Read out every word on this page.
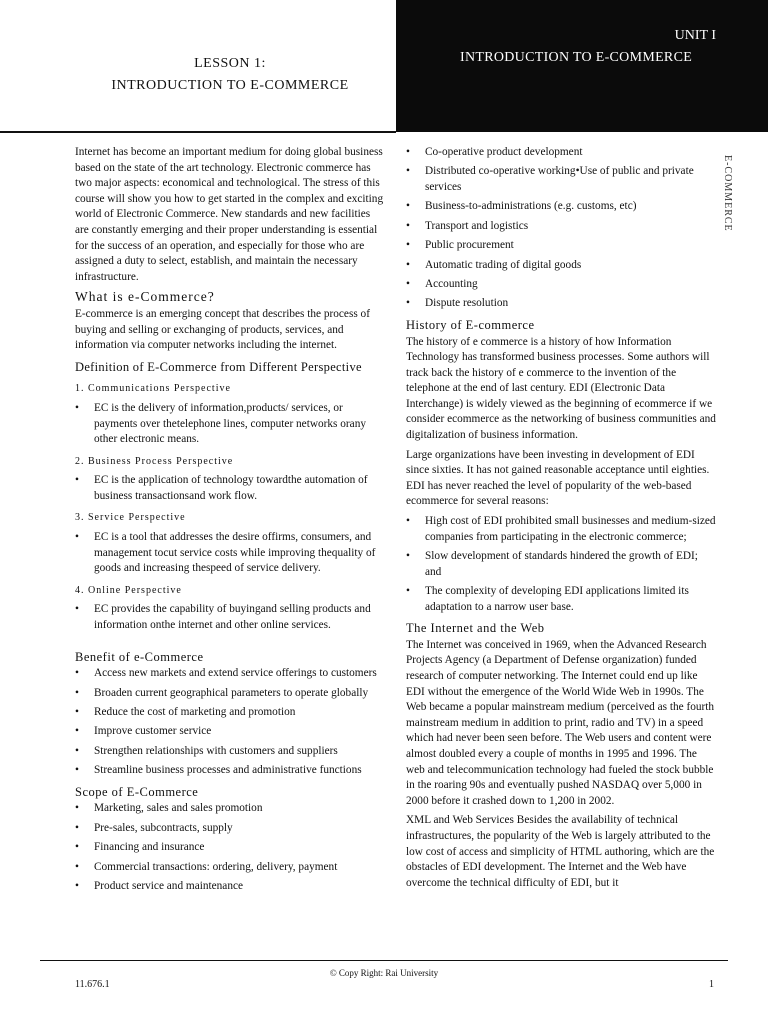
LESSON 1:
INTRODUCTION TO E-COMMERCE
UNIT I
INTRODUCTION TO E-COMMERCE

Internet has become an important medium for doing global business based on the state of the art technology. Electronic commerce has two major aspects: economical and technological. The stress of this course will show you how to get started in the complex and exciting world of Electronic Commerce. New standards and new facilities are constantly emerging and their proper understanding is essential for the success of an operation, and especially for those who are assigned a duty to select, establish, and maintain the necessary infrastructure.

What is e-Commerce?

E-commerce is an emerging concept that describes the process of buying and selling or exchanging of products, services, and information via computer networks including the internet.

Definition of E-Commerce from Different Perspective
1. Communications Perspective
• EC is the delivery of information,products/ services, or payments over thetelephone lines, computer networks orany other electronic means.
2. Business Process Perspective
• EC is the application of technology towardthe automation of business transactionsand work flow.
3. Service Perspective
• EC is a tool that addresses the desire offirms, consumers, and management tocut service costs while improving thequality of goods and increasing thespeed of service delivery.
4. Online Perspective
• EC provides the capability of buyingand selling products and information onthe internet and other online services.
Benefit of e-Commerce
• Access new markets and extend service offerings to customers
• Broaden current geographical parameters to operate globally
• Reduce the cost of marketing and promotion
• Improve customer service
• Strengthen relationships with customers and suppliers
• Streamline business processes and administrative functions
Scope of E-Commerce
• Marketing, sales and sales promotion
• Pre-sales, subcontracts, supply
• Financing and insurance
• Commercial transactions: ordering, delivery, payment
• Product service and maintenance
• Co-operative product development
• Distributed co-operative working•Use of public and private services
• Business-to-administrations (e.g. customs, etc)
• Transport and logistics
• Public procurement
• Automatic trading of digital goods
• Accounting
• Dispute resolution
History of E-commerce

The history of e commerce is a history of how Information Technology has transformed business processes. Some authors will track back the history of e commerce to the invention of the telephone at the end of last century. EDI (Electronic Data Interchange) is widely viewed as the beginning of ecommerce if we consider ecommerce as the networking of business communities and digitalization of business information.

Large organizations have been investing in development of EDI since sixties. It has not gained reasonable acceptance until eighties. EDI has never reached the level of popularity of the web-based ecommerce for several reasons:

• High cost of EDI prohibited small businesses and medium-sized companies from participating in the electronic commerce;
• Slow development of standards hindered the growth of EDI; and
• The complexity of developing EDI applications limited its adaptation to a narrow user base.
The Internet and the Web

The Internet was conceived in 1969, when the Advanced Research Projects Agency (a Department of Defense organization) funded research of computer networking. The Internet could end up like EDI without the emergence of the World Wide Web in 1990s. The Web became a popular mainstream medium (perceived as the fourth mainstream medium in addition to print, radio and TV) in a speed which had never been seen before. The Web users and content were almost doubled every a couple of months in 1995 and 1996. The web and telecommunication technology had fueled the stock bubble in the roaring 90s and eventually pushed NASDAQ over 5,000 in 2000 before it crashed down to 1,200 in 2002.

XML and Web Services Besides the availability of technical infrastructures, the popularity of the Web is largely attributed to the low cost of access and simplicity of HTML authoring, which are the obstacles of EDI development. The Internet and the Web have overcome the technical difficulty of EDI, but it

E-COMMERCE
© Copy Right: Rai University
11.676.1	1
